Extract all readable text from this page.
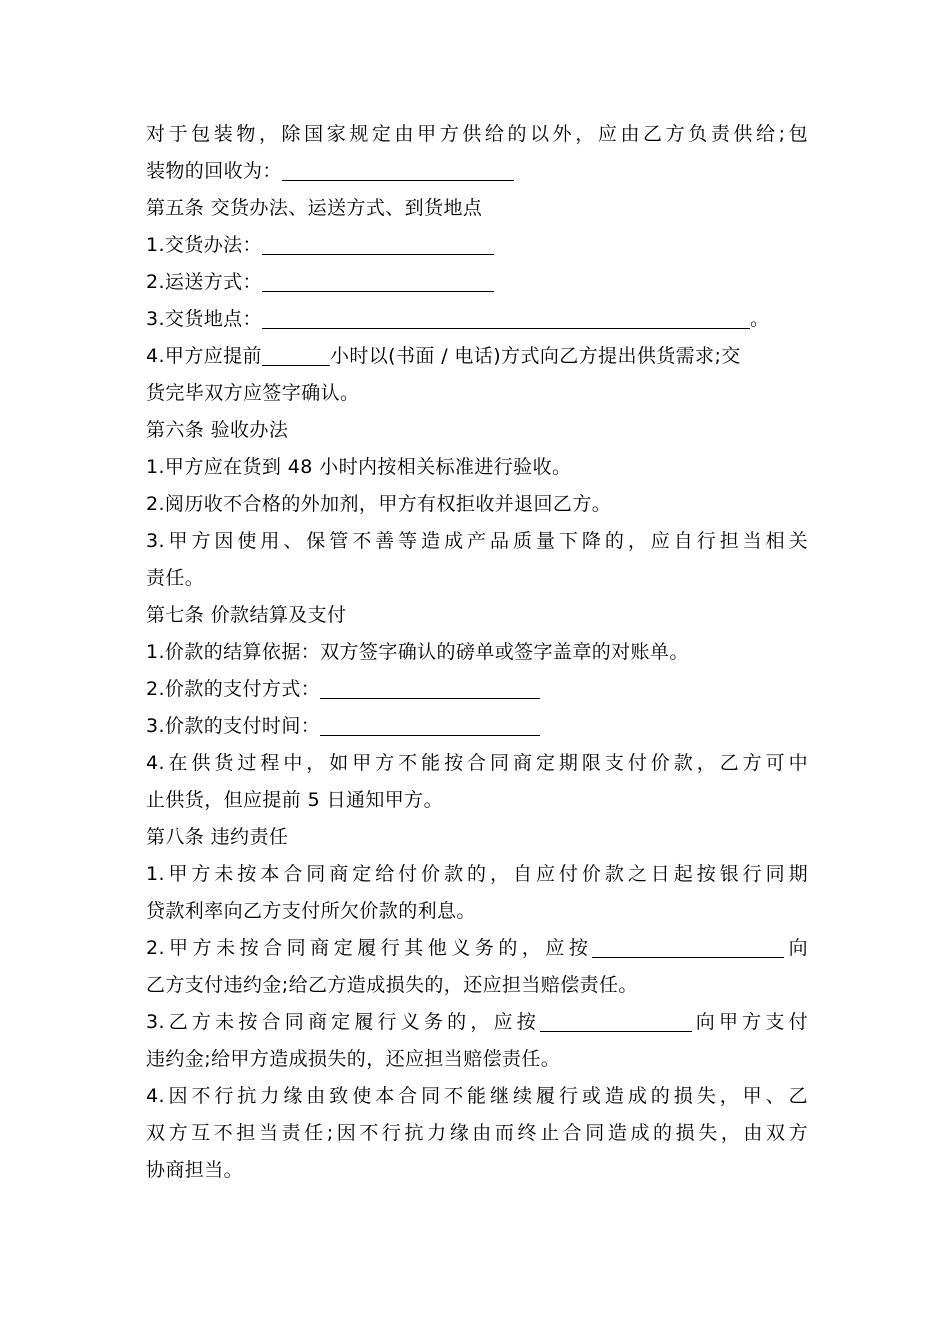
对于包装物，除国家规定由甲方供给的以外，应由乙方负责供给;包
装物的回收为：
第五条 交货办法、运送方式、到货地点
1.交货办法：
2.运送方式：
3.交货地点：	。
4.甲方应提前	小时以(书面 / 电话)方式向乙方提出供货需求;交
货完毕双方应签字确认。
第六条 验收办法
1.甲方应在货到 48 小时内按相关标准进行验收。
2.阅历收不合格的外加剂，甲方有权拒收并退回乙方。
3.甲方因使用、保管不善等造成产品质量下降的，应自行担当相关
责任。
第七条 价款结算及支付
1.价款的结算依据：双方签字确认的磅单或签字盖章的对账单。
2.价款的支付方式：
3.价款的支付时间：
4.在供货过程中，如甲方不能按合同商定期限支付价款，乙方可中
止供货，但应提前 5 日通知甲方。
第八条 违约责任
1.甲方未按本合同商定给付价款的，自应付价款之日起按银行同期
贷款利率向乙方支付所欠价款的利息。
2.甲方未按合同商定履行其他义务的，应按	向
乙方支付违约金;给乙方造成损失的，还应担当赔偿责任。
3.乙方未按合同商定履行义务的，应按	向甲方支付
违约金;给甲方造成损失的，还应担当赔偿责任。
4.因不行抗力缘由致使本合同不能继续履行或造成的损失，甲、乙
双方互不担当责任;因不行抗力缘由而终止合同造成的损失，由双方
协商担当。
